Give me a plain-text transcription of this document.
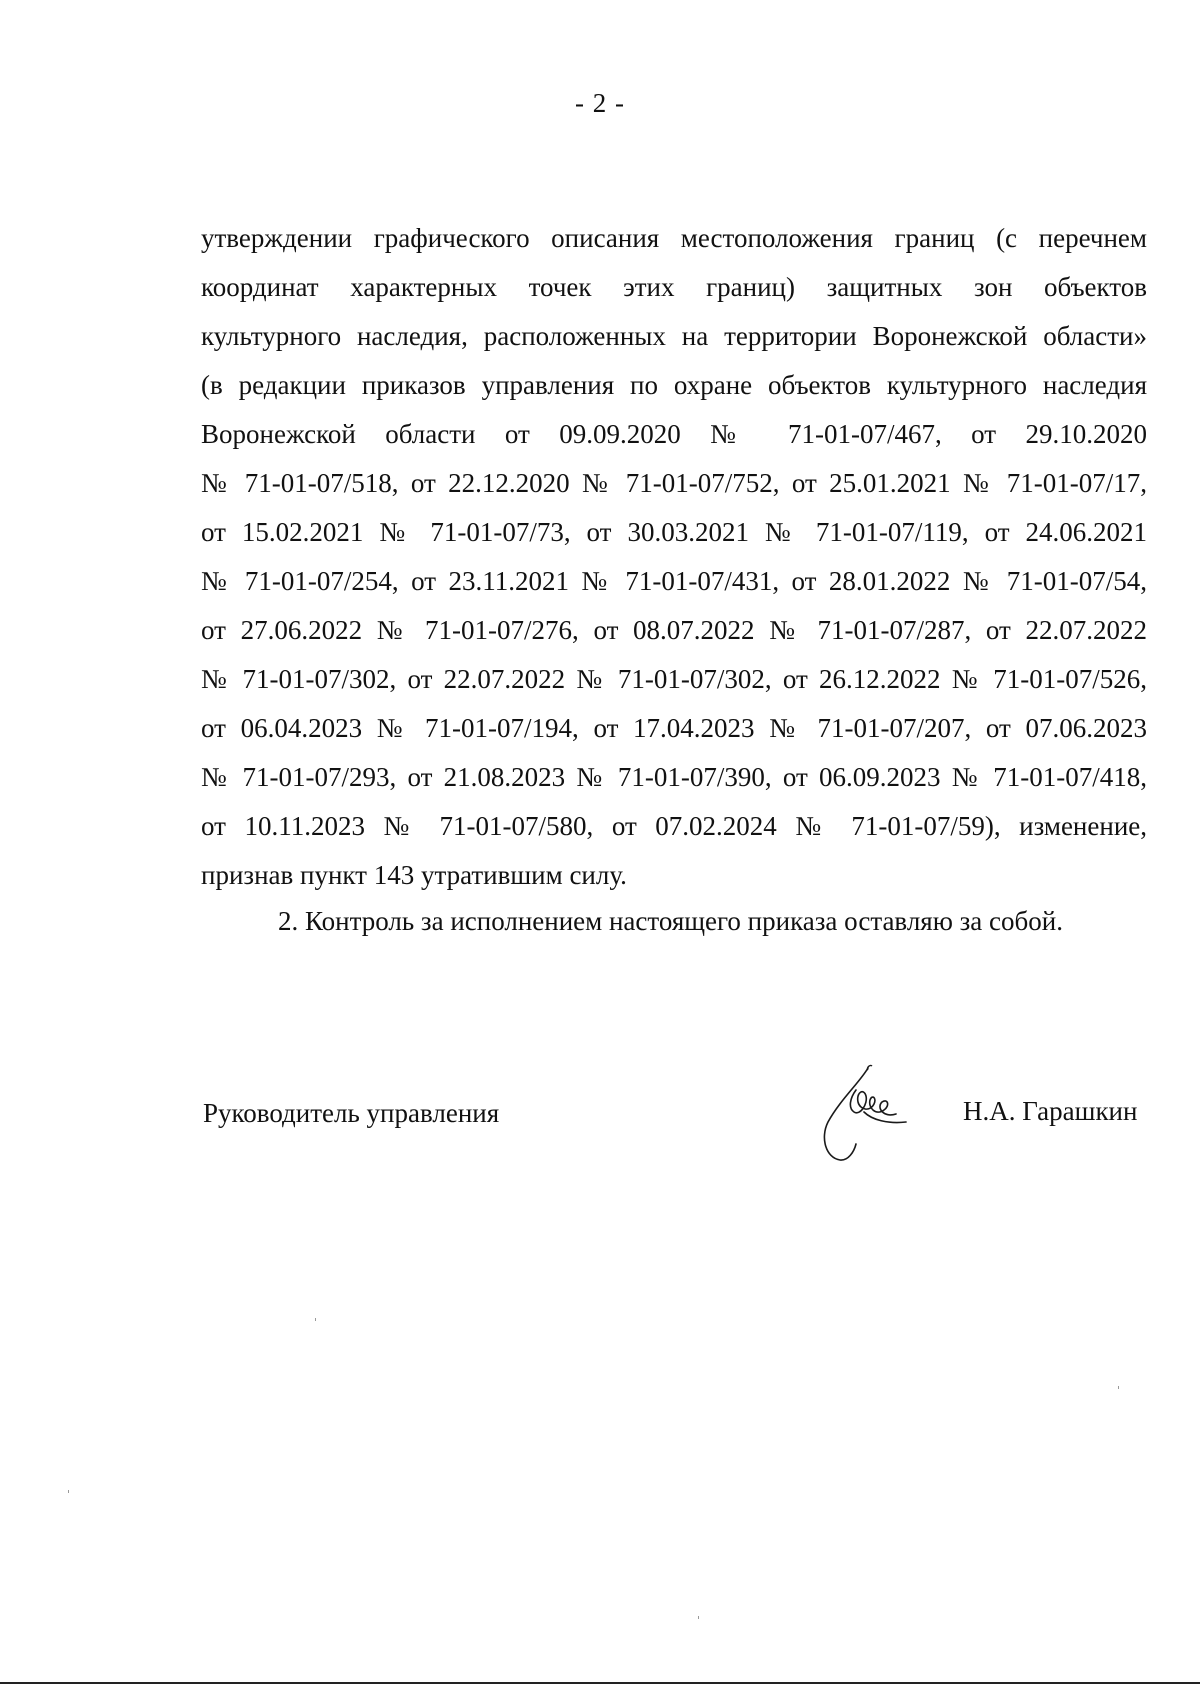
- 2 -

утверждении графического описания местоположения границ (с перечнем

координат характерных точек этих границ) защитных зон объектов

культурного наследия, расположенных на территории Воронежской области»

(в редакции приказов управления по охране объектов культурного наследия

Воронежской области от 09.09.2020 № 71-01-07/467, от 29.10.2020

№ 71-01-07/518, от 22.12.2020 № 71-01-07/752, от 25.01.2021 № 71-01-07/17,

от 15.02.2021 № 71-01-07/73, от 30.03.2021 № 71-01-07/119, от 24.06.2021

№ 71-01-07/254, от 23.11.2021 № 71-01-07/431, от 28.01.2022 № 71-01-07/54,

от 27.06.2022 № 71-01-07/276, от 08.07.2022 № 71-01-07/287, от 22.07.2022

№ 71-01-07/302, от 22.07.2022 № 71-01-07/302, от 26.12.2022 № 71-01-07/526,

от 06.04.2023 № 71-01-07/194, от 17.04.2023 № 71-01-07/207, от 07.06.2023

№ 71-01-07/293, от 21.08.2023 № 71-01-07/390, от 06.09.2023 № 71-01-07/418,

от 10.11.2023 № 71-01-07/580, от 07.02.2024 № 71-01-07/59), изменение,

признав пункт 143 утратившим силу.

2. Контроль за исполнением настоящего приказа оставляю за собой.
Руководитель управления	Н.А. Гарашкин
